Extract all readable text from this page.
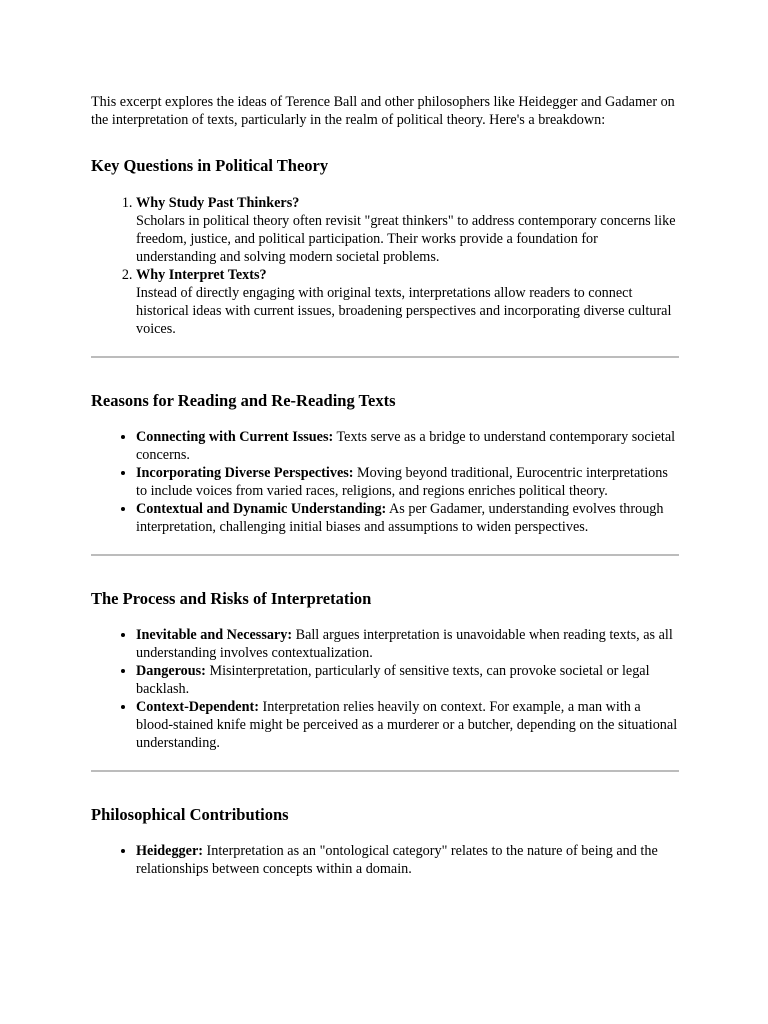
This excerpt explores the ideas of Terence Ball and other philosophers like Heidegger and Gadamer on the interpretation of texts, particularly in the realm of political theory. Here's a breakdown:

Key Questions in Political Theory
1. Why Study Past Thinkers?
Scholars in political theory often revisit "great thinkers" to address contemporary concerns like freedom, justice, and political participation. Their works provide a foundation for understanding and solving modern societal problems.
2. Why Interpret Texts?
Instead of directly engaging with original texts, interpretations allow readers to connect historical ideas with current issues, broadening perspectives and incorporating diverse cultural voices.
Reasons for Reading and Re-Reading Texts
• Connecting with Current Issues: Texts serve as a bridge to understand contemporary societal concerns.
• Incorporating Diverse Perspectives: Moving beyond traditional, Eurocentric interpretations to include voices from varied races, religions, and regions enriches political theory.
• Contextual and Dynamic Understanding: As per Gadamer, understanding evolves through interpretation, challenging initial biases and assumptions to widen perspectives.
The Process and Risks of Interpretation
• Inevitable and Necessary: Ball argues interpretation is unavoidable when reading texts, as all understanding involves contextualization.
• Dangerous: Misinterpretation, particularly of sensitive texts, can provoke societal or legal backlash.
• Context-Dependent: Interpretation relies heavily on context. For example, a man with a blood-stained knife might be perceived as a murderer or a butcher, depending on the situational understanding.
Philosophical Contributions
• Heidegger: Interpretation as an "ontological category" relates to the nature of being and the relationships between concepts within a domain.
